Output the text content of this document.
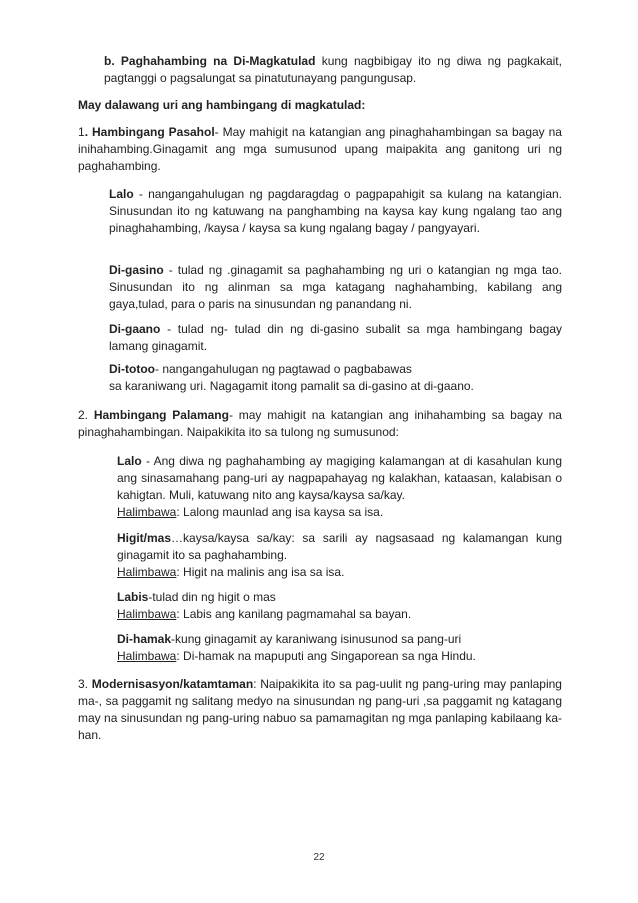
b. Paghahambing na Di-Magkatulad kung nagbibigay ito ng diwa ng pagkakait, pagtanggi o pagsalungat sa pinatutunayang pangungusap.
May dalawang uri ang hambingang di magkatulad:
1. Hambingang Pasahol- May mahigit na katangian ang pinaghahambingan sa bagay na inihahambing.Ginagamit ang mga sumusunod upang maipakita ang ganitong uri ng paghahambing.
Lalo - nangangahulugan ng pagdaragdag o pagpapahigit sa kulang na katangian. Sinusundan ito ng katuwang na panghambing na kaysa kay kung ngalang tao ang pinaghahambing, /kaysa / kaysa sa kung ngalang bagay / pangyayari.
Di-gasino - tulad ng .ginagamit sa paghahambing ng uri o katangian ng mga tao. Sinusundan ito ng alinman sa mga katagang naghahambing, kabilang ang gaya,tulad, para o paris na sinusundan ng panandang ni.
Di-gaano - tulad ng- tulad din ng di-gasino subalit sa mga hambingang bagay lamang ginagamit.
Di-totoo- nangangahulugan ng pagtawad o pagbabawas
sa karaniwang uri. Nagagamit itong pamalit sa di-gasino at di-gaano.
2. Hambingang Palamang- may mahigit na katangian ang inihahambing sa bagay na pinaghahambingan. Naipakikita ito sa tulong ng sumusunod:
Lalo - Ang diwa ng paghahambing ay magiging kalamangan at di kasahulan kung ang sinasamahang pang-uri ay nagpapahayag ng kalakhan, kataasan, kalabisan o kahigtan. Muli, katuwang nito ang kaysa/kaysa sa/kay.
Halimbawa: Lalong maunlad ang isa kaysa sa isa.
Higit/mas…kaysa/kaysa sa/kay: sa sarili ay nagsasaad ng kalamangan kung ginagamit ito sa paghahambing.
Halimbawa: Higit na malinis ang isa sa isa.
Labis-tulad din ng higit o mas
Halimbawa: Labis ang kanilang pagmamahal sa bayan.
Di-hamak-kung ginagamit ay karaniwang isinusunod sa pang-uri
Halimbawa: Di-hamak na mapuputi ang Singaporean sa nga Hindu.
3. Modernisasyon/katamtaman: Naipakikita ito sa pag-uulit ng pang-uring may panlaping ma-, sa paggamit ng salitang medyo na sinusundan ng pang-uri ,sa paggamit ng katagang may na sinusundan ng pang-uring nabuo sa pamamagitan ng mga panlaping kabilaang ka-han.
22
